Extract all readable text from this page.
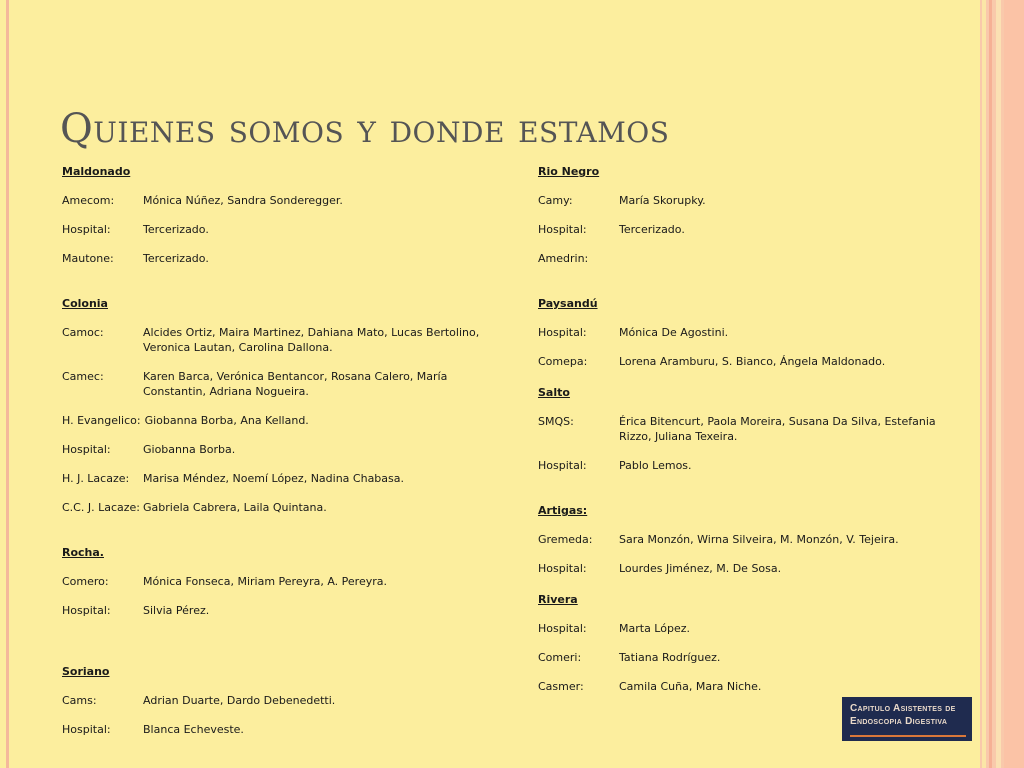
Quienes somos y donde estamos

Maldonado

Amecom:	Mónica Núñez, Sandra Sonderegger.
Hospital:	Tercerizado.
Mautone:	Tercerizado.

Colonia

Camoc:	Alcides Ortiz, Maira Martinez, Dahiana Mato, Lucas Bertolino, Veronica Lautan, Carolina Dallona.
Camec:	Karen Barca, Verónica Bentancor, Rosana Calero, María Constantin, Adriana Nogueira.
H. Evangelico: Giobanna Borba, Ana Kelland.
Hospital:	Giobanna Borba.
H. J. Lacaze:	Marisa Méndez, Noemí López, Nadina Chabasa.
C.C. J. Lacaze: Gabriela Cabrera, Laila Quintana.

Rocha.

Comero:	Mónica Fonseca, Miriam Pereyra, A. Pereyra.
Hospital:	Silvia Pérez.

Soriano

Cams:	Adrian Duarte, Dardo Debenedetti.
Hospital:	Blanca Echeveste.

Rio Negro

Camy:	María Skorupky.
Hospital:	Tercerizado.
Amedrin:

Paysandú

Hospital:	Mónica De Agostini.
Comepa:	Lorena Aramburu, S. Bianco, Ángela Maldonado.

Salto

SMQS:	Érica Bitencurt, Paola Moreira, Susana Da Silva, Estefania Rizzo, Juliana Texeira.
Hospital:	Pablo Lemos.

Artigas:

Gremeda:	Sara Monzón, Wirna Silveira, M. Monzón, V. Tejeira.
Hospital:	Lourdes Jiménez, M. De Sosa.

Rivera

Hospital:	Marta López.
Comeri:	Tatiana Rodríguez.
Casmer:	Camila Cuña, Mara Niche.
Capitulo Asistentes de
Endoscopia Digestiva
